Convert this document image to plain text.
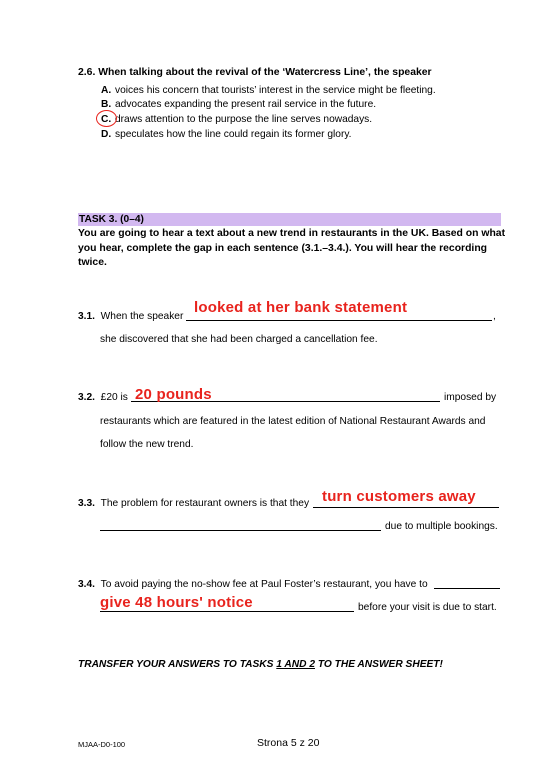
2.6. When talking about the revival of the ‘Watercress Line’, the speaker
A. voices his concern that tourists’ interest in the service might be fleeting.
B. advocates expanding the present rail service in the future.
C. draws attention to the purpose the line serves nowadays.
D. speculates how the line could regain its former glory.
TASK 3. (0–4)
You are going to hear a text about a new trend in restaurants in the UK. Based on what you hear, complete the gap in each sentence (3.1.–3.4.). You will hear the recording twice.
3.1. When the speaker	,
looked at her bank statement
she discovered that she had been charged a cancellation fee.
3.2. £20 is	imposed by
20 pounds
restaurants which are featured in the latest edition of National Restaurant Awards and
follow the new trend.
3.3. The problem for restaurant owners is that they turn customers away
due to multiple bookings.
3.4. To avoid paying the no-show fee at Paul Foster’s restaurant, you have to
give 48 hours' notice	before your visit is due to start.
TRANSFER YOUR ANSWERS TO TASKS 1 AND 2 TO THE ANSWER SHEET!
MJAA-D0-100	Strona 5 z 20
